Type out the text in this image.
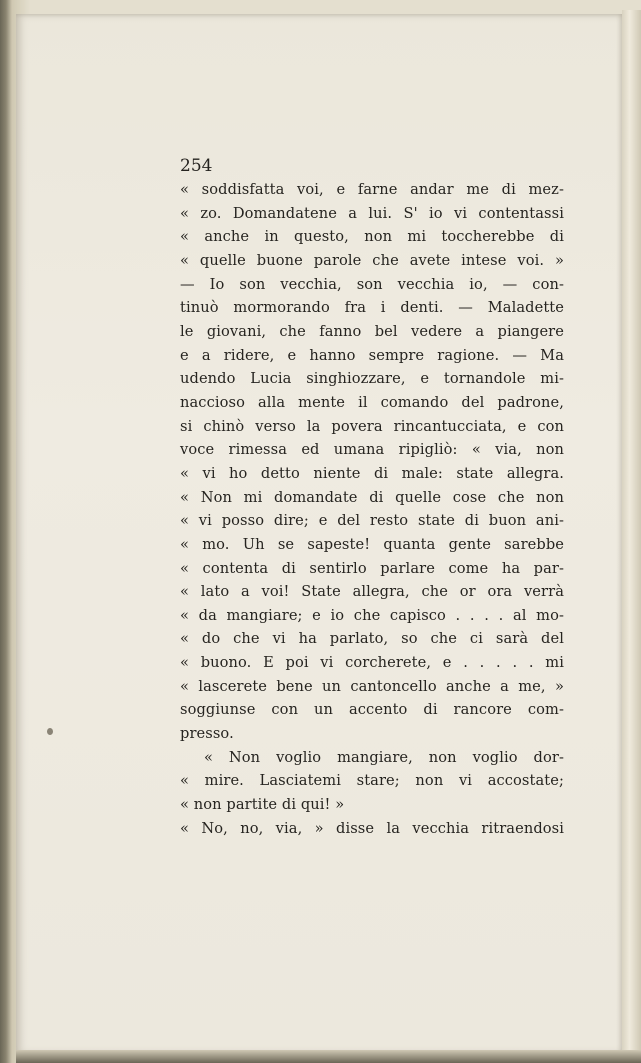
254
« soddisfatta voi, e farne andar me di mez-
« zo. Domandatene a lui. S' io vi contentassi
« anche in questo, non mi toccherebbe di
« quelle buone parole che avete intese voi. »
— Io son vecchia, son vecchia io, — con-
tinuò mormorando fra i denti. — Maladette
le giovani, che fanno bel vedere a piangere
e a ridere, e hanno sempre ragione. — Ma
udendo Lucia singhiozzare, e tornandole mi-
naccioso alla mente il comando del padrone,
si chinò verso la povera rincantucciata, e con
voce rimessa ed umana ripigliò: « via, non
« vi ho detto niente di male: state allegra.
« Non mi domandate di quelle cose che non
« vi posso dire; e del resto state di buon ani-
« mo. Uh se sapeste! quanta gente sarebbe
« contenta di sentirlo parlare come ha par-
« lato a voi! State allegra, che or ora verrà
« da mangiare; e io che capisco . . . . al mo-
« do che vi ha parlato, so che ci sarà del
« buono. E poi vi corcherete, e . . . . . mi
« lascerete bene un cantoncello anche a me, »
soggiunse con un accento di rancore com-
presso.
« Non voglio mangiare, non voglio dor-
« mire. Lasciatemi stare; non vi accostate;
« non partite di qui! »
« No, no, via, » disse la vecchia ritraendosi
